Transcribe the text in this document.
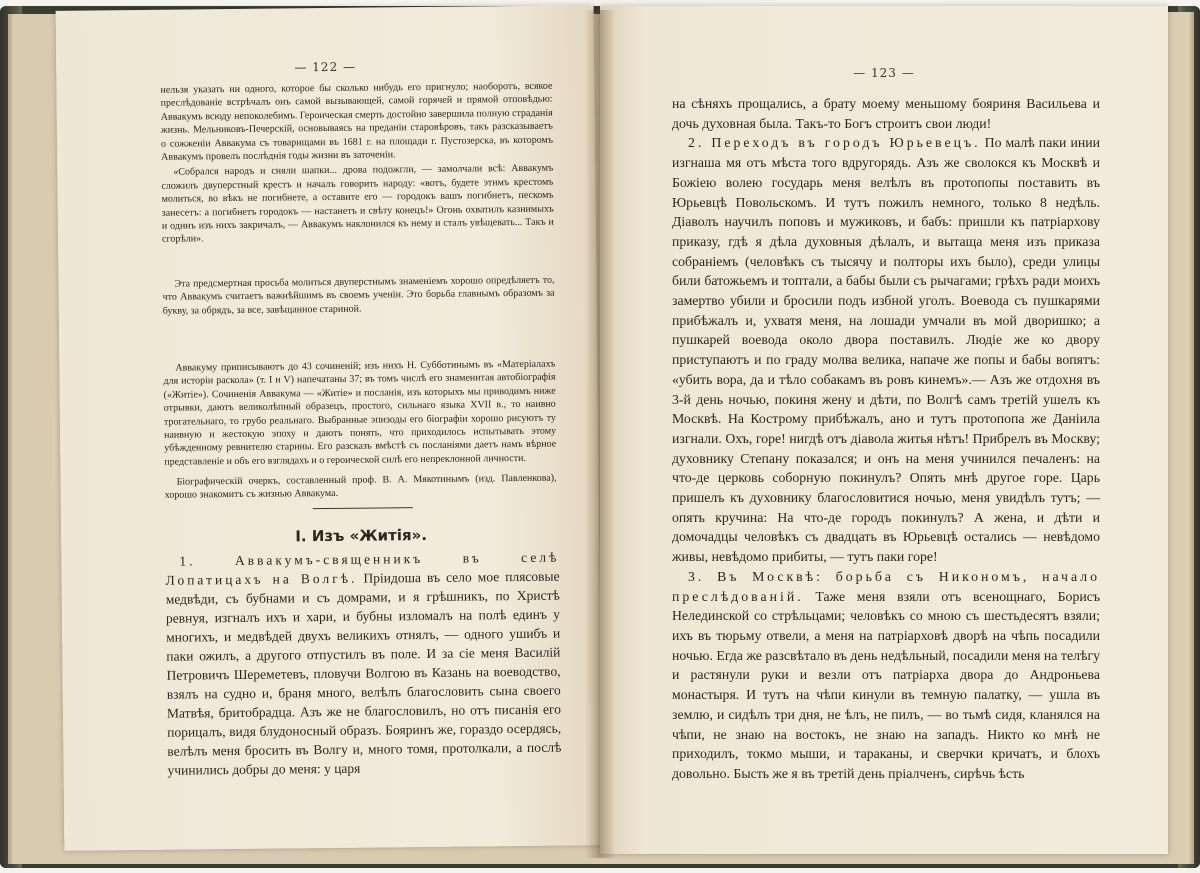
— 122 —

нельзя указать ни одного, которое бы сколько нибудь его пригнуло; наоборотъ, всякое преслѣдованіе встрѣчалъ онъ самой вызывающей, самой горячей и прямой отповѣдью: Аввакумъ всюду непоколебимъ. Героическая смерть достойно завершила полную страданія жизнь. Мельниковъ-Печерскій, основываясь на преданіи старовѣровъ, такъ разсказываетъ о сожженіи Аввакума съ товарищами въ 1681 г. на площади г. Пустозерска, въ которомъ Аввакумъ провелъ послѣднія годы жизни въ заточеніи.

«Собрался народъ и сняли шапки... дрова подожгли, — замолчали всѣ: Аввакумъ сложилъ двуперстный крестъ и началъ говорить народу: «вотъ, будете этимъ крестомъ молиться, во вѣкъ не погибнете, а оставите его — городокъ вашъ погибнетъ, пескомъ занесетъ: а погибнетъ городокъ — настанетъ и свѣту конецъ!» Огонь охватилъ казнимыхъ и одинъ изъ нихъ закричалъ, — Аввакумъ наклонился къ нему и сталъ увѣщевать... Такъ и сгорѣли».

Эта предсмертная просьба молиться двуперстнымъ знаменіемъ хорошо опредѣляетъ то, что Аввакумъ считаетъ важнѣйшимъ въ своемъ ученіи. Это борьба главнымъ образомъ за букву, за обрядъ, за все, завѣщанное стариной.

Аввакуму приписываютъ до 43 сочиненій; изъ нихъ Н. Субботинымъ въ «Матеріалахъ для исторіи раскола» (т. I и V) напечатаны 37; въ томъ числѣ его знаменитая автобіографія («Житіе»). Сочиненія Аввакума — «Житіе» и посланія, изъ которыхъ мы приводимъ ниже отрывки, даютъ великолѣпный образецъ, простого, сильнаго языка XVII в., то наивно трогательнаго, то грубо реальнаго. Выбранные эпизоды его біографіи хорошо рисуютъ ту наивную и жестокую эпоху и даютъ понять, что приходилось испытывать этому убѣжденному ревнителю старины. Его разсказъ вмѣстѣ съ посланіями даетъ намъ вѣрное представленіе и объ его взглядахъ и о героической силѣ его непреклонной личности.

Біографическій очеркъ, составленный проф. В. А. Мякотинымъ (изд. Павленкова), хорошо знакомитъ съ жизнью Аввакума.

I. Изъ «Житія».

1. Аввакумъ-священникъ въ селѣ Лопатицахъ на Волгѣ. Пріидоша въ село мое плясовые медвѣди, съ бубнами и съ домрами, и я грѣшникъ, по Христѣ ревнуя, изгналъ ихъ и хари, и бубны изломалъ на полѣ единъ у многихъ, и медвѣдей двухъ великихъ отнялъ, — одного ушибъ и паки ожилъ, а другого отпустилъ въ поле. И за сіе меня Василій Петровичъ Шереметевъ, пловучи Волгою въ Казань на воеводство, взялъ на судно и, браня много, велѣлъ благословить сына своего Матвѣя, бритобрадца. Азъ же не благословилъ, но отъ писанія его порицалъ, видя блудоносный образъ. Бояринъ же, гораздо осердясь, велѣлъ меня бросить въ Волгу и, много томя, протолкали, а послѣ учинились добры до меня: у царя

— 123 —

на сѣняхъ прощались, а брату моему меньшому бояриня Васильева и дочь духовная была. Такъ-то Богъ строитъ свои люди!

2. Переходъ въ городъ Юрьевецъ. По малѣ паки инии изгнаша мя отъ мѣста того вдругорядь. Азъ же сволокся къ Москвѣ и Божіею волею государь меня велѣлъ въ протопопы поставить въ Юрьевцѣ Повольскомъ. И тутъ пожилъ немного, только 8 недѣль. Діаволъ научилъ поповъ и мужиковъ, и бабъ: пришли къ патріархову приказу, гдѣ я дѣла духовныя дѣлалъ, и вытаща меня изъ приказа собраніемъ (человѣкъ съ тысячу и полторы ихъ было), среди улицы били батожьемъ и топтали, а бабы были съ рычагами; грѣхъ ради моихъ замертво убили и бросили подъ избной уголъ. Воевода съ пушкарями прибѣжалъ и, ухватя меня, на лошади умчали въ мой дворишко; а пушкарей воевода около двора поставилъ. Людіе же ко двору приступаютъ и по граду молва велика, напаче же попы и бабы вопятъ: «убить вора, да и тѣло собакамъ въ ровъ кинемъ».— Азъ же отдохня въ 3-й день ночью, покиня жену и дѣти, по Волгѣ самъ третій ушелъ къ Москвѣ. На Кострому прибѣжалъ, ано и тутъ протопопа же Даніила изгнали. Охъ, горе! нигдѣ отъ діавола житья нѣтъ! Прибрелъ въ Москву; духовнику Степану показался; и онъ на меня учинился печаленъ: на что-де церковь соборную покинулъ? Опять мнѣ другое горе. Царь пришелъ къ духовнику благословитися ночью, меня увидѣлъ тутъ; — опять кручина: На что-де городъ покинулъ? А жена, и дѣти и домочадцы человѣкъ съ двадцать въ Юрьевцѣ остались — невѣдомо живы, невѣдомо прибиты, — тутъ паки горе!

3. Въ Москвѣ: борьба съ Никономъ, начало преслѣдованій. Таже меня взяли отъ всенощнаго, Борисъ Нелединской со стрѣльцами; человѣкъ со мною съ шестьдесятъ взяли; ихъ въ тюрьму отвели, а меня на патріарховѣ дворѣ на чѣпь посадили ночью. Егда же разсвѣтало въ день недѣльный, посадили меня на телѣгу и растянули руки и везли отъ патріарха двора до Андроньева монастыря. И тутъ на чѣпи кинули въ темную палатку, — ушла въ землю, и сидѣлъ три дня, не ѣлъ, не пилъ, — во тьмѣ сидя, кланялся на чѣпи, не знаю на востокъ, не знаю на западъ. Никто ко мнѣ не приходилъ, токмо мыши, и тараканы, и сверчки кричатъ, и блохъ довольно. Бысть же я въ третій день пріалченъ, сирѣчь ѣсть
